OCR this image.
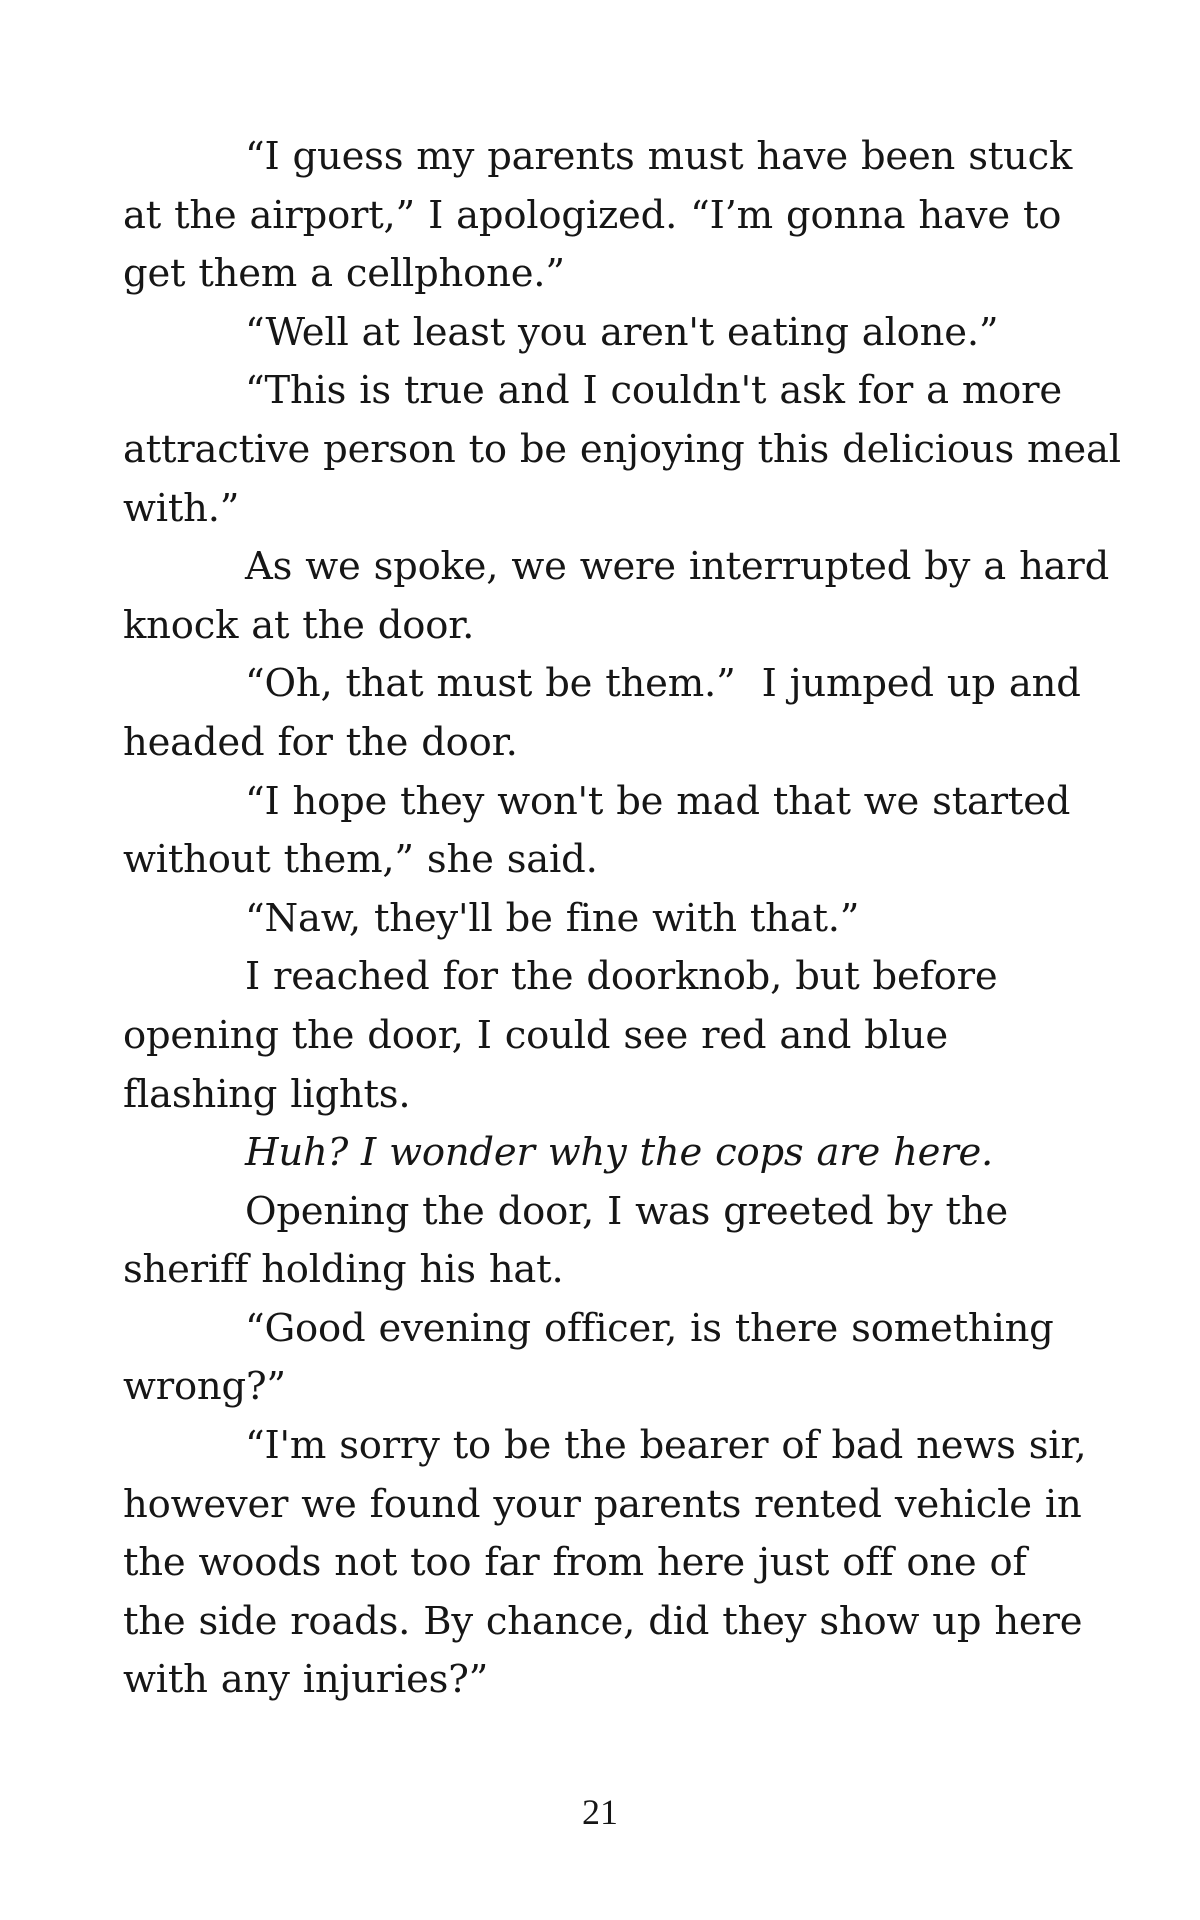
“I guess my parents must have been stuck
at the airport,” I apologized. “I’m gonna have to
get them a cellphone.”

“Well at least you aren't eating alone.”

“This is true and I couldn't ask for a more
attractive person to be enjoying this delicious meal
with.”

As we spoke, we were interrupted by a hard
knock at the door.

“Oh, that must be them.”  I jumped up and
headed for the door.

“I hope they won't be mad that we started
without them,” she said.

“Naw, they'll be fine with that.”

I reached for the doorknob, but before
opening the door, I could see red and blue
flashing lights.

Huh? I wonder why the cops are here.

Opening the door, I was greeted by the
sheriff holding his hat.

“Good evening officer, is there something
wrong?”

“I'm sorry to be the bearer of bad news sir,
however we found your parents rented vehicle in
the woods not too far from here just off one of
the side roads. By chance, did they show up here
with any injuries?”

21
